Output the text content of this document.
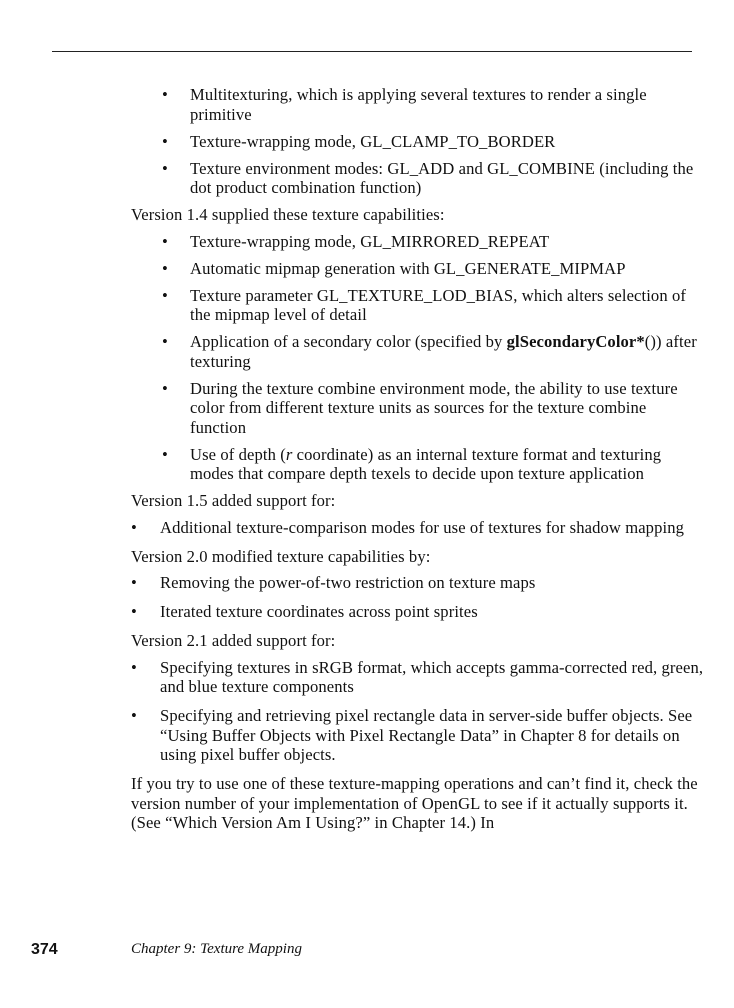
• Multitexturing, which is applying several textures to render a single primitive
• Texture-wrapping mode, GL_CLAMP_TO_BORDER
• Texture environment modes: GL_ADD and GL_COMBINE (including the dot product combination function)

Version 1.4 supplied these texture capabilities:

• Texture-wrapping mode, GL_MIRRORED_REPEAT
• Automatic mipmap generation with GL_GENERATE_MIPMAP
• Texture parameter GL_TEXTURE_LOD_BIAS, which alters selection of the mipmap level of detail
• Application of a secondary color (specified by glSecondaryColor*()) after texturing
• During the texture combine environment mode, the ability to use texture color from different texture units as sources for the texture combine function
• Use of depth (r coordinate) as an internal texture format and texturing modes that compare depth texels to decide upon texture application

Version 1.5 added support for:

• Additional texture-comparison modes for use of textures for shadow mapping

Version 2.0 modified texture capabilities by:

• Removing the power-of-two restriction on texture maps
• Iterated texture coordinates across point sprites

Version 2.1 added support for:

• Specifying textures in sRGB format, which accepts gamma-corrected red, green, and blue texture components
• Specifying and retrieving pixel rectangle data in server-side buffer objects. See “Using Buffer Objects with Pixel Rectangle Data” in Chapter 8 for details on using pixel buffer objects.

If you try to use one of these texture-mapping operations and can’t find it, check the version number of your implementation of OpenGL to see if it actually supports it. (See “Which Version Am I Using?” in Chapter 14.) In

374	Chapter 9: Texture Mapping
